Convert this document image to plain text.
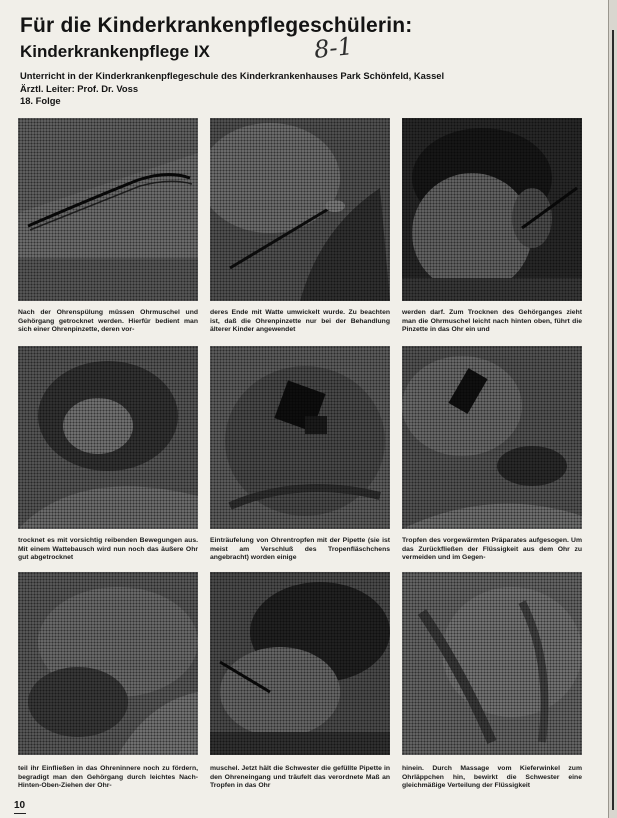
Für die Kinderkrankenpflegeschülerin:
Kinderkrankenpflege IX	8-1
Unterricht in der Kinderkrankenpflegeschule des Kinderkrankenhauses Park Schönfeld, Kassel
Ärztl. Leiter: Prof. Dr. Voss
18. Folge

Nach der Ohrenspülung müssen Ohrmuschel und Gehörgang getrocknet werden. Hierfür bedient man sich einer Ohrenpinzette, deren vor-

deres Ende mit Watte umwickelt wurde. Zu beachten ist, daß die Ohrenpinzette nur bei der Behandlung älterer Kinder angewendet

werden darf. Zum Trocknen des Gehörganges zieht man die Ohrmuschel leicht nach hinten oben, führt die Pinzette in das Ohr ein und

trocknet es mit vorsichtig reibenden Bewegungen aus. Mit einem Wattebausch wird nun noch das äußere Ohr gut abgetrocknet

Einträufelung von Ohrentropfen mit der Pipette (sie ist meist am Verschluß des Tropenfläschchens angebracht) worden einige

Tropfen des vorgewärmten Präparates aufgesogen. Um das Zurückfließen der Flüssigkeit aus dem Ohr zu vermeiden und im Gegen-

teil ihr Einfließen in das Ohreninnere noch zu fördern, begradigt man den Gehörgang durch leichtes Nach-Hinten-Oben-Ziehen der Ohr-

muschel. Jetzt hält die Schwester die gefüllte Pipette in den Ohreneingang und träufelt das verordnete Maß an Tropfen in das Ohr

hinein. Durch Massage vom Kieferwinkel zum Ohrläppchen hin, bewirkt die Schwester eine gleichmäßige Verteilung der Flüssigkeit

10
